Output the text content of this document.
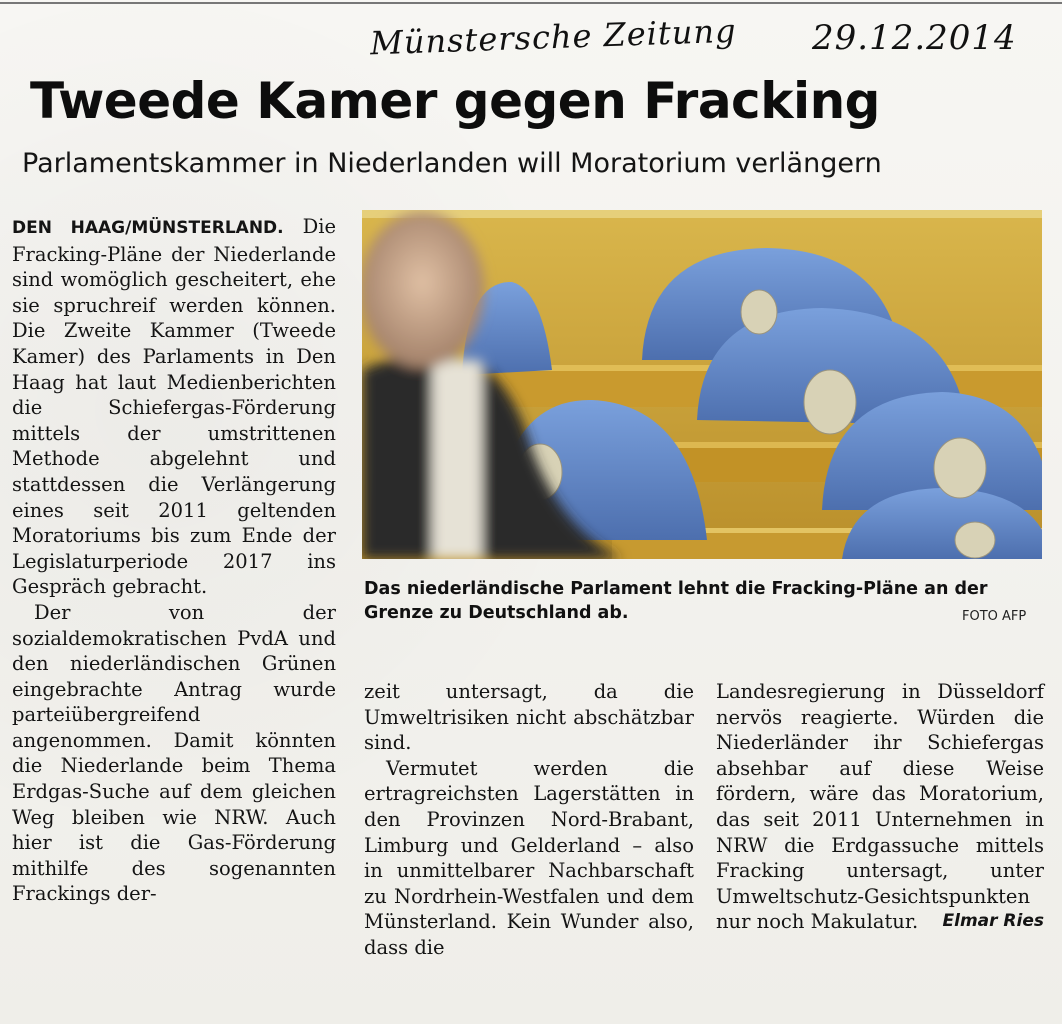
Münstersche Zeitung 29.12.2014
Tweede Kamer gegen Fracking
Parlamentskammer in Niederlanden will Moratorium verlängern

DEN HAAG/MÜNSTERLAND. Die Fracking-Pläne der Niederlande sind womöglich gescheitert, ehe sie spruchreif werden können. Die Zweite Kammer (Tweede Kamer) des Parlaments in Den Haag hat laut Medienberichten die Schiefergas-Förderung mittels der umstrittenen Methode abgelehnt und stattdessen die Verlängerung eines seit 2011 geltenden Moratoriums bis zum Ende der Legislaturperiode 2017 ins Gespräch gebracht.

Der von der sozialdemokratischen PvdA und den niederländischen Grünen eingebrachte Antrag wurde parteiübergreifend angenommen. Damit könnten die Niederlande beim Thema Erdgas-Suche auf dem gleichen Weg bleiben wie NRW. Auch hier ist die Gas-Förderung mithilfe des sogenannten Frackings der-

Das niederländische Parlament lehnt die Fracking-Pläne an der Grenze zu Deutschland ab.	FOTO AFP

zeit untersagt, da die Umweltrisiken nicht abschätzbar sind.

Vermutet werden die ertragreichsten Lagerstätten in den Provinzen Nord-Brabant, Limburg und Gelderland – also in unmittelbarer Nachbarschaft zu Nordrhein-Westfalen und dem Münsterland. Kein Wunder also, dass die

Landesregierung in Düsseldorf nervös reagierte. Würden die Niederländer ihr Schiefergas absehbar auf diese Weise fördern, wäre das Moratorium, das seit 2011 Unternehmen in NRW die Erdgassuche mittels Fracking untersagt, unter Umweltschutz-Gesichtspunkten nur noch Makulatur. Elmar Ries
